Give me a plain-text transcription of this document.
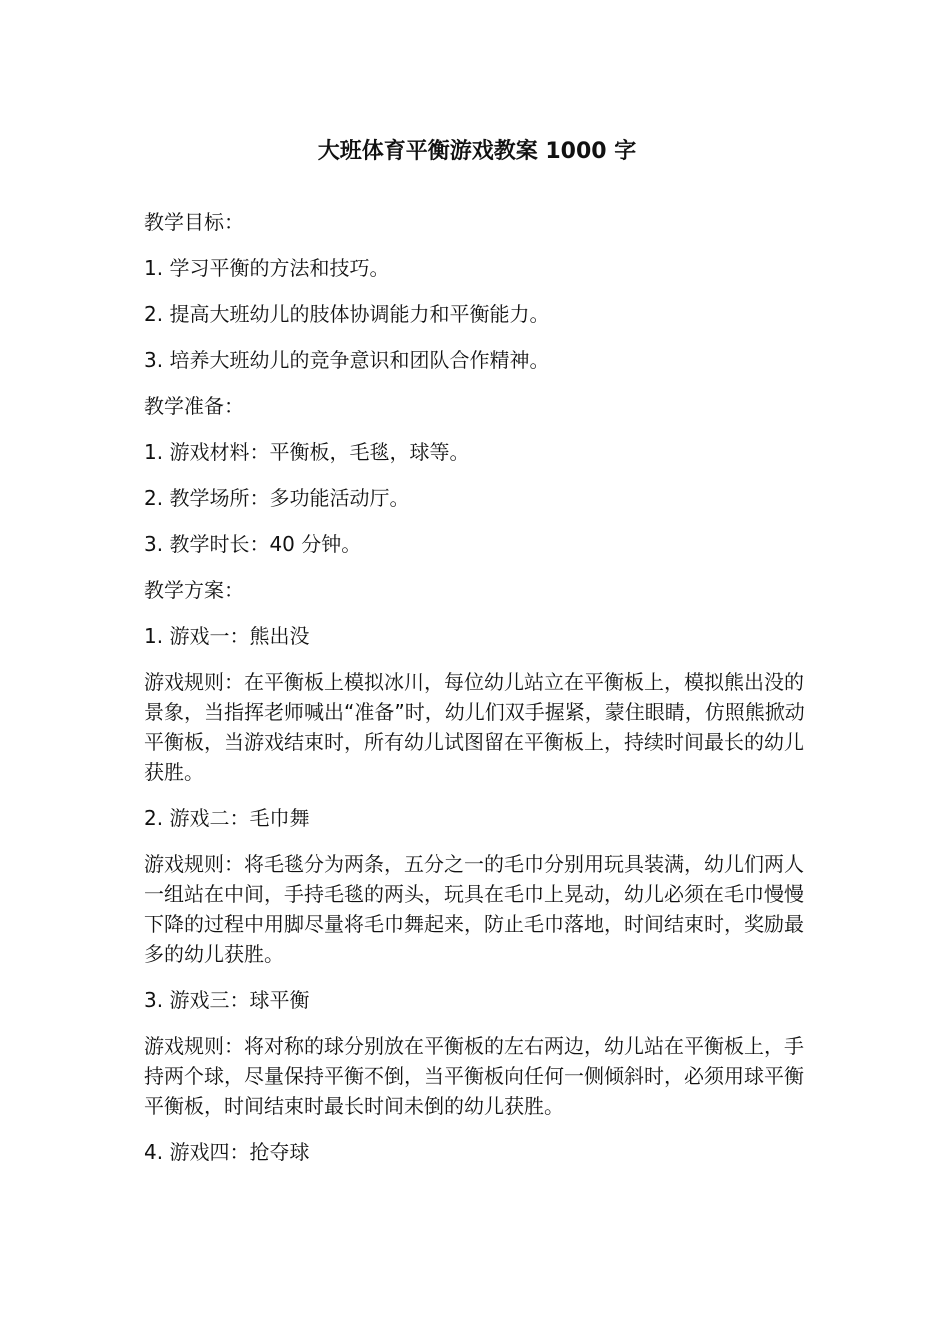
大班体育平衡游戏教案 1000 字
教学目标：
1. 学习平衡的方法和技巧。
2. 提高大班幼儿的肢体协调能力和平衡能力。
3. 培养大班幼儿的竞争意识和团队合作精神。
教学准备：
1. 游戏材料：平衡板，毛毯，球等。
2. 教学场所：多功能活动厅。
3. 教学时长：40 分钟。
教学方案：
1. 游戏一：熊出没
游戏规则：在平衡板上模拟冰川，每位幼儿站立在平衡板上，模拟熊出没的景象，当指挥老师喊出“准备”时，幼儿们双手握紧，蒙住眼睛，仿照熊掀动平衡板，当游戏结束时，所有幼儿试图留在平衡板上，持续时间最长的幼儿获胜。
2. 游戏二：毛巾舞
游戏规则：将毛毯分为两条，五分之一的毛巾分别用玩具装满，幼儿们两人一组站在中间，手持毛毯的两头，玩具在毛巾上晃动，幼儿必须在毛巾慢慢下降的过程中用脚尽量将毛巾舞起来，防止毛巾落地，时间结束时，奖励最多的幼儿获胜。
3. 游戏三：球平衡
游戏规则：将对称的球分别放在平衡板的左右两边，幼儿站在平衡板上，手持两个球，尽量保持平衡不倒，当平衡板向任何一侧倾斜时，必须用球平衡平衡板，时间结束时最长时间未倒的幼儿获胜。
4. 游戏四：抢夺球
